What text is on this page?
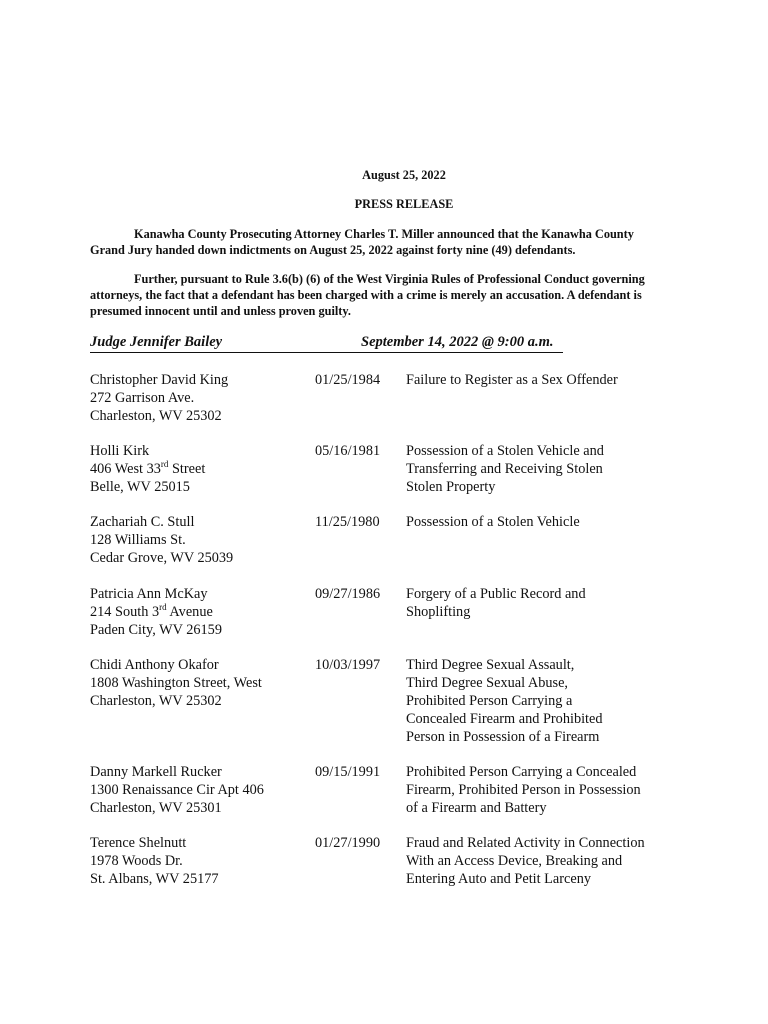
August 25, 2022
PRESS RELEASE
Kanawha County Prosecuting Attorney Charles T. Miller announced that the Kanawha County Grand Jury handed down indictments on August 25, 2022 against forty nine (49) defendants.
Further, pursuant to Rule 3.6(b) (6) of the West Virginia Rules of Professional Conduct governing attorneys, the fact that a defendant has been charged with a crime is merely an accusation. A defendant is presumed innocent until and unless proven guilty.
Judge Jennifer Bailey	September 14, 2022 @ 9:00 a.m.
Christopher David King
272 Garrison Ave.
Charleston, WV 25302
01/25/1984 Failure to Register as a Sex Offender
Holli Kirk
406 West 33rd Street
Belle, WV 25015
05/16/1981 Possession of a Stolen Vehicle and
Transferring and Receiving Stolen
Stolen Property
Zachariah C. Stull
128 Williams St.
Cedar Grove, WV 25039
11/25/1980 Possession of a Stolen Vehicle
Patricia Ann McKay
214 South 3rd Avenue
Paden City, WV 26159
09/27/1986 Forgery of a Public Record and
Shoplifting
Chidi Anthony Okafor
1808 Washington Street, West
Charleston, WV 25302
10/03/1997 Third Degree Sexual Assault,
Third Degree Sexual Abuse,
Prohibited Person Carrying a
Concealed Firearm and Prohibited
Person in Possession of a Firearm
Danny Markell Rucker
1300 Renaissance Cir Apt 406
Charleston, WV 25301
09/15/1991 Prohibited Person Carrying a Concealed
Firearm, Prohibited Person in Possession
of a Firearm and Battery
Terence Shelnutt
1978 Woods Dr.
St. Albans, WV 25177
01/27/1990 Fraud and Related Activity in Connection
With an Access Device, Breaking and
Entering Auto and Petit Larceny
